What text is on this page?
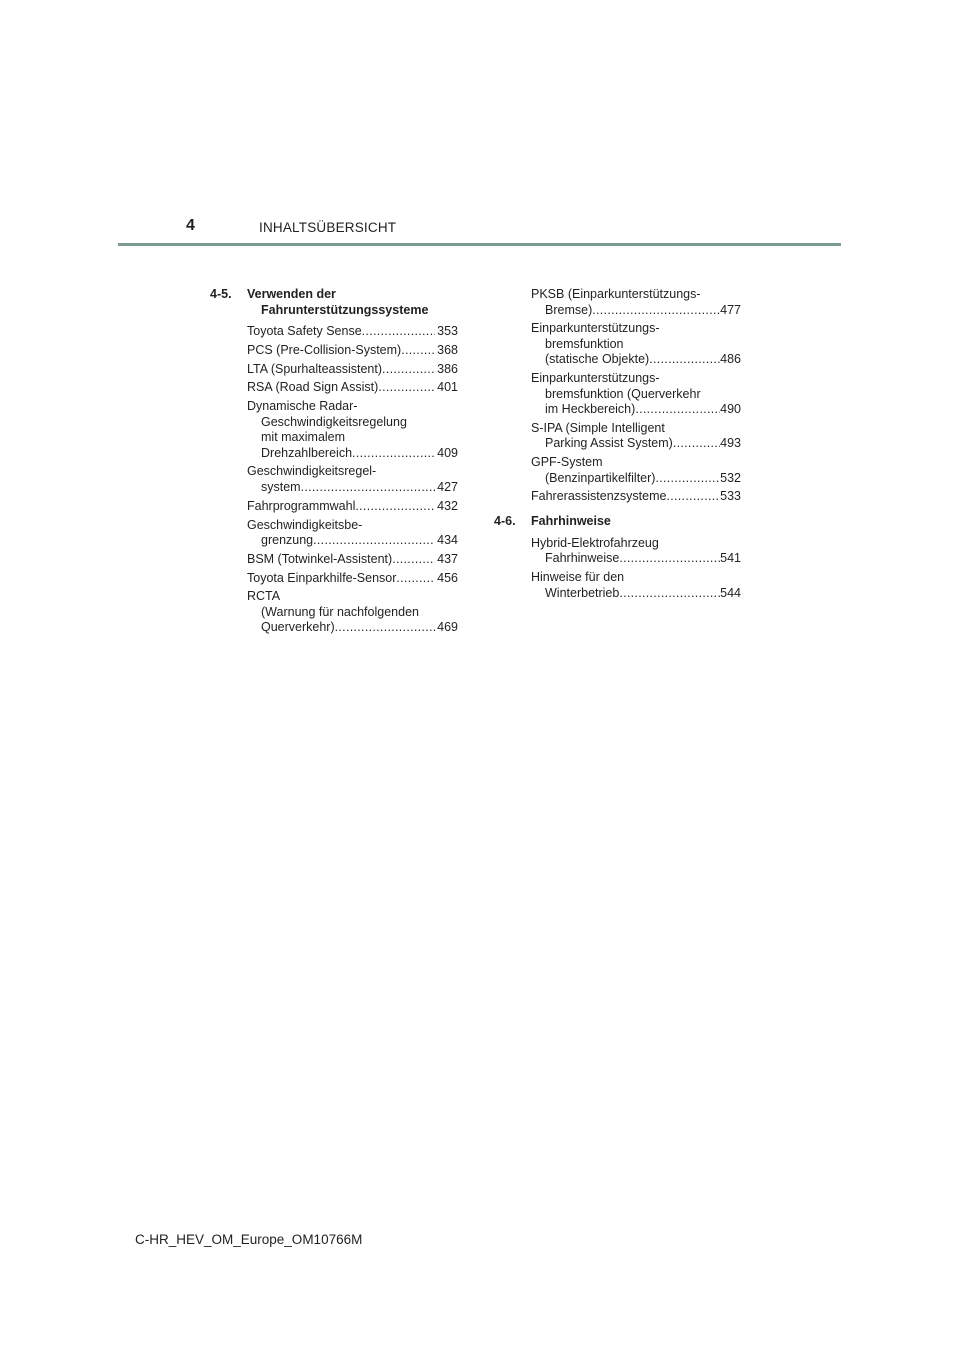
4	INHALTSÜBERSICHT
4-5.	Verwenden der
Fahrunterstützungssysteme
Toyota Safety Sense .....	353
PCS (Pre-Collision-System) .....	368
LTA (Spurhalteassistent) .....	386
RSA (Road Sign Assist) .....	401
Dynamische Radar-
Geschwindigkeitsregelung
mit maximalem
Drehzahlbereich .....	409
Geschwindigkeitsregel-
system .....	427
Fahrprogrammwahl .....	432
Geschwindigkeitsbe-
grenzung .....	434
BSM (Totwinkel-Assistent) .....	437
Toyota Einparkhilfe-Sensor .....	456
RCTA
(Warnung für nachfolgenden
Querverkehr) .....	469
PKSB (Einparkunterstützungs-
Bremse) .....	477
Einparkunterstützungs-
bremsfunktion
(statische Objekte) .....	486
Einparkunterstützungs-
bremsfunktion (Querverkehr
im Heckbereich) .....	490
S-IPA (Simple Intelligent
Parking Assist System) .....	493
GPF-System
(Benzinpartikelfilter) .....	532
Fahrerassistenzsysteme .....	533
4-6.	Fahrhinweise
Hybrid-Elektrofahrzeug
Fahrhinweise .....	541
Hinweise für den
Winterbetrieb .....	544
C-HR_HEV_OM_Europe_OM10766M
